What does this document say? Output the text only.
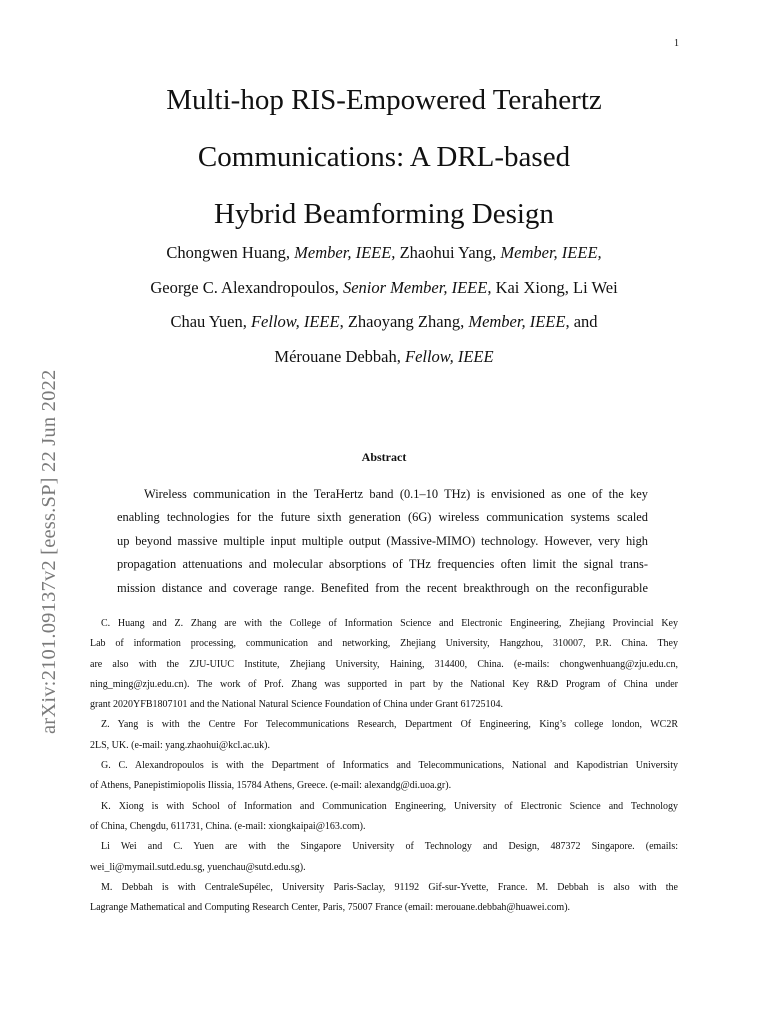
1
arXiv:2101.09137v2 [eess.SP] 22 Jun 2022
Multi-hop RIS-Empowered Terahertz
Communications: A DRL-based
Hybrid Beamforming Design
Chongwen Huang, Member, IEEE, Zhaohui Yang, Member, IEEE,
George C. Alexandropoulos, Senior Member, IEEE, Kai Xiong, Li Wei
Chau Yuen, Fellow, IEEE, Zhaoyang Zhang, Member, IEEE, and
Mérouane Debbah, Fellow, IEEE
Abstract
Wireless communication in the TeraHertz band (0.1–10 THz) is envisioned as one of the key
enabling technologies for the future sixth generation (6G) wireless communication systems scaled
up beyond massive multiple input multiple output (Massive-MIMO) technology. However, very high
propagation attenuations and molecular absorptions of THz frequencies often limit the signal trans-
mission distance and coverage range. Benefited from the recent breakthrough on the reconfigurable

C. Huang and Z. Zhang are with the College of Information Science and Electronic Engineering, Zhejiang Provincial Key
Lab of information processing, communication and networking, Zhejiang University, Hangzhou, 310007, P.R. China. They
are also with the ZJU-UIUC Institute, Zhejiang University, Haining, 314400, China. (e-mails: chongwenhuang@zju.edu.cn,
ning_ming@zju.edu.cn). The work of Prof. Zhang was supported in part by the National Key R&D Program of China under
grant 2020YFB1807101 and the National Natural Science Foundation of China under Grant 61725104.

Z. Yang is with the Centre For Telecommunications Research, Department Of Engineering, King’s college london, WC2R
2LS, UK. (e-mail: yang.zhaohui@kcl.ac.uk).

G. C. Alexandropoulos is with the Department of Informatics and Telecommunications, National and Kapodistrian University
of Athens, Panepistimiopolis Ilissia, 15784 Athens, Greece. (e-mail: alexandg@di.uoa.gr).

K. Xiong is with School of Information and Communication Engineering, University of Electronic Science and Technology
of China, Chengdu, 611731, China. (e-mail: xiongkaipai@163.com).

Li Wei and C. Yuen are with the Singapore University of Technology and Design, 487372 Singapore. (emails:
wei_li@mymail.sutd.edu.sg, yuenchau@sutd.edu.sg).

M. Debbah is with CentraleSupélec, University Paris-Saclay, 91192 Gif-sur-Yvette, France. M. Debbah is also with the
Lagrange Mathematical and Computing Research Center, Paris, 75007 France (email: merouane.debbah@huawei.com).
